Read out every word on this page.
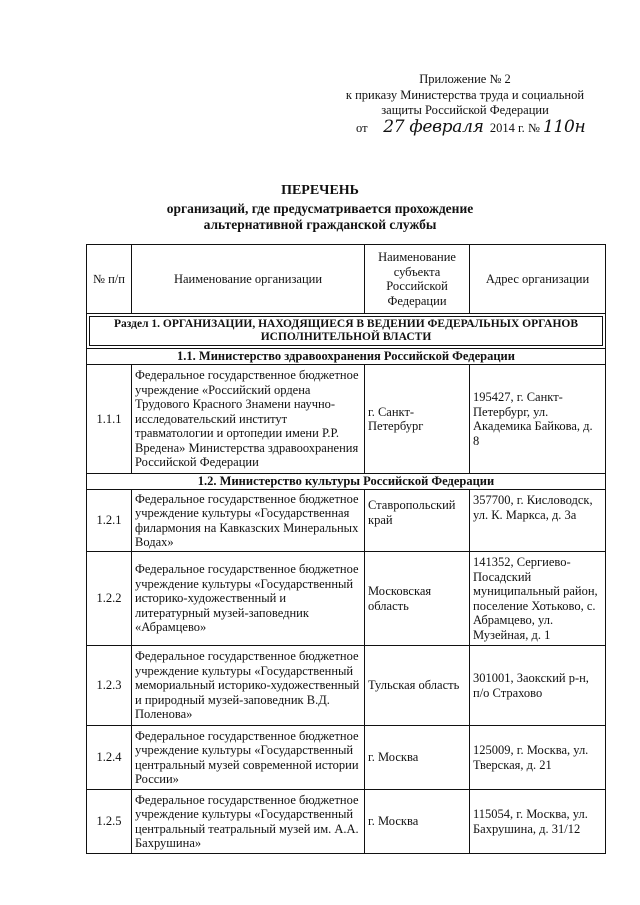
Приложение № 2
к приказу Министерства труда и социальной
защиты Российской Федерации
от 27 февраля 2014 г. № 110н
ПЕРЕЧЕНЬ
организаций, где предусматривается прохождение
альтернативной гражданской службы
№ п/п	Наименование организации	Наименование субъекта Российской Федерации	Адрес организации

Раздел 1. ОРГАНИЗАЦИИ, НАХОДЯЩИЕСЯ В ВЕДЕНИИ ФЕДЕРАЛЬНЫХ ОРГАНОВ ИСПОЛНИТЕЛЬНОЙ ВЛАСТИ			

1.1. Министерство здравоохранения Российской Федерации			
1.1.1	Федеральное государственное бюджетное учреждение «Российский ордена Трудового Красного Знамени научно-исследовательский институт травматологии и ортопедии имени Р.Р. Вредена» Министерства здравоохранения Российской Федерации	г. Санкт-Петербург	195427, г. Санкт-Петербург, ул. Академика Байкова, д. 8
1.2. Министерство культуры Российской Федерации			
1.2.1	Федеральное государственное бюджетное учреждение культуры «Государственная филармония на Кавказских Минеральных Водах»	Ставропольский край	357700, г. Кисловодск, ул. К. Маркса, д. 3а
1.2.2	Федеральное государственное бюджетное учреждение культуры «Государственный историко-художественный и литературный музей-заповедник «Абрамцево»	Московская область	141352, Сергиево-Посадский муниципальный район, поселение Хотьково, с. Абрамцево, ул. Музейная, д. 1
1.2.3	Федеральное государственное бюджетное учреждение культуры «Государственный мемориальный историко-художественный и природный музей-заповедник В.Д. Поленова»	Тульская область	301001, Заокский р-н, п/о Страхово
1.2.4	Федеральное государственное бюджетное учреждение культуры «Государственный центральный музей современной истории России»	г. Москва	125009, г. Москва, ул. Тверская, д. 21
1.2.5	Федеральное государственное бюджетное учреждение культуры «Государственный центральный театральный музей им. А.А. Бахрушина»	г. Москва	115054, г. Москва, ул. Бахрушина, д. 31/12
